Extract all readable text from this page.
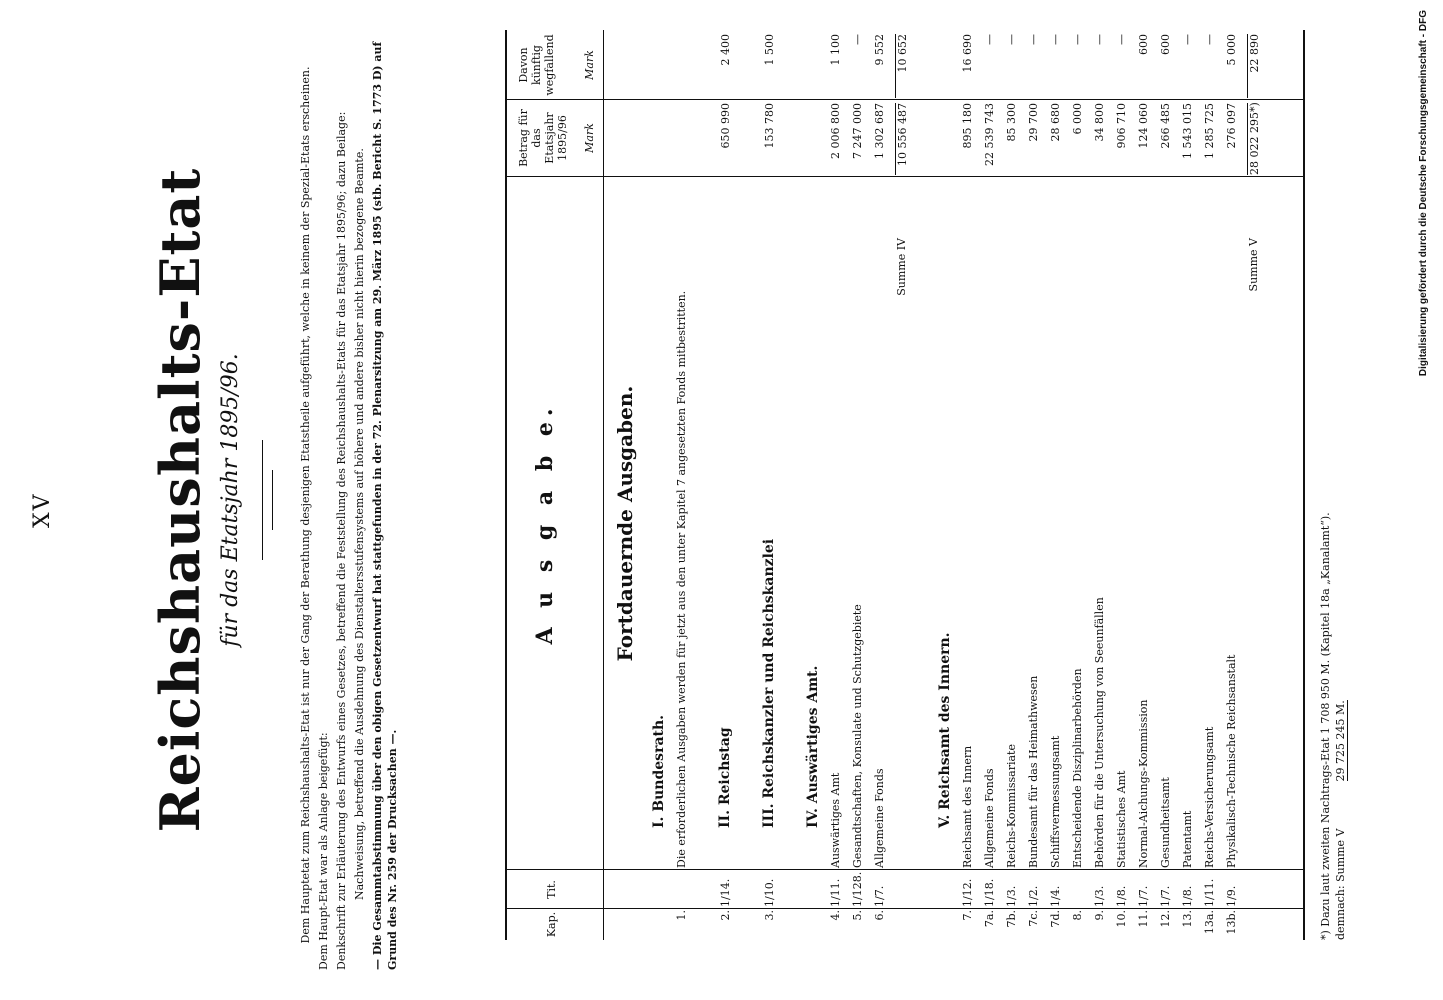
XV Reichshaushalts-Etat für das Etatsjahr 1895/96.	Dem Hauptetat zum Reichshaushalts-Etat ist nur der Gang der Berathung desjenigen Etatstheile aufgeführt, welche in keinem der Spezial-Etats erscheinen. Dem Haupt-Etat war als Anlage beigefügt: Denkschrift zur Erläuterung des Entwurfs eines Gesetzes, betreffend die Feststellung des Reichshaushalts-Etats für das Etatsjahr 1895/96; dazu Beilage: Nachweisung, betreffend die Ausdehnung des Dienstaltersstufensystems auf höhere und andere bisher nicht hierin bezogene Beamte. — Die Gesammtabstimmung über den obigen Gesetzentwurf hat stattgefunden in der 72. Plenarsitzung am 29. März 1895 (stb. Bericht S. 1773 D) auf Grund des Nr. 259 der Drucksachen —.	Kap.
Tit.
A u s g a b e.
Betrag für das Etatsjahr 1895/96 Mark
Davon künftig wegfallend Mark
Fortdauernde Ausgaben.
I. Bundesrath.
1.
Die erforderlichen Ausgaben werden für jetzt aus den unter Kapitel 7 angesetzten Fonds mitbestritten.
2.
1/14.
II. Reichstag
650 990
2 400
3.
1/10.
III. Reichskanzler und Reichskanzlei
153 780
1 500
IV. Auswärtiges Amt.
4.
1/11.
Auswärtiges Amt
2 006 800
1 100
5.
1/128.
Gesandtschaften, Konsulate und Schutzgebiete
7 247 000
—
6.
1/7.
Allgemeine Fonds
1 302 687
9 552
Summe IV
10 556 487
10 652
V. Reichsamt des Innern.
7.
1/12.
Reichsamt des Innern
895 180
16 690
7a.
1/18.
Allgemeine Fonds
22 539 743
—
7b.
1/3.
Reichs-Kommissariate
85 300
—
7c.
1/2.
Bundesamt für das Heimathwesen
29 700
—
7d.
1/4.
Schiffsvermessungsamt
28 680
—
8.
Entscheidende Disziplinarbehörden
6 000
—
9.
1/3.
Behörden für die Untersuchung von Seeunfällen
34 800
—
10.
1/8.
Statistisches Amt
906 710
—
11.
1/7.
Normal-Aichungs-Kommission
124 060
600
12.
1/7.
Gesundheitsamt
266 485
600
13.
1/8.
Patentamt
1 543 015
—
13a.
1/11.
Reichs-Versicherungsamt
1 285 725
—
13b.
1/9.
Physikalisch-Technische Reichsanstalt
276 097
5 000
Summe V
28 022 295*)
22 890
*) Dazu laut zweiten Nachtrags-Etat 1 708 950 M. (Kapitel 18a „Kanalamt“). demnach: Summe V  29 725 245 M.
Digitalisierung gefördert durch die Deutsche Forschungsgemeinschaft - DFG
